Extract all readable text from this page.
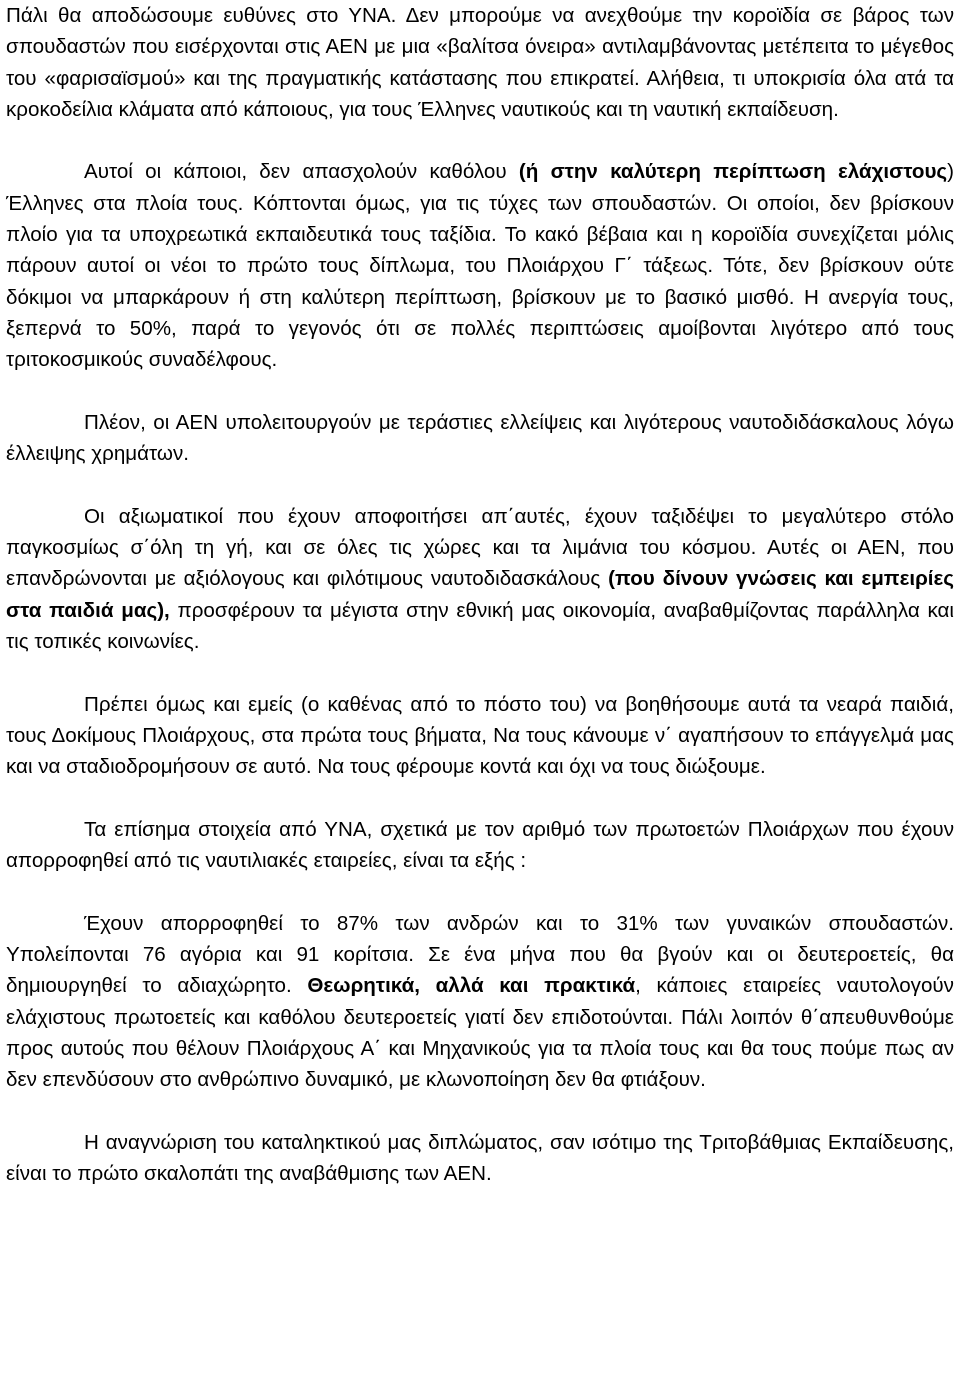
Πάλι θα αποδώσουμε ευθύνες στο ΥΝΑ. Δεν μπορούμε να ανεχθούμε την κοροϊδία σε βάρος των σπουδαστών που εισέρχονται στις ΑΕΝ με μια «βαλίτσα όνειρα» αντιλαμβάνοντας μετέπειτα το μέγεθος του «φαρισαϊσμού» και της πραγματικής κατάστασης που επικρατεί. Αλήθεια, τι υποκρισία όλα ατά τα κροκοδείλια κλάματα από κάποιους, για τους Έλληνες ναυτικούς και τη ναυτική εκπαίδευση.

Αυτοί οι κάποιοι, δεν απασχολούν καθόλου (ή στην καλύτερη περίπτωση ελάχιστους) Έλληνες στα πλοία τους. Κόπτονται όμως, για τις τύχες των σπουδαστών. Οι οποίοι, δεν βρίσκουν πλοίο για τα υποχρεωτικά εκπαιδευτικά τους ταξίδια. Το κακό βέβαια και η κοροϊδία συνεχίζεται μόλις πάρουν αυτοί οι νέοι το πρώτο τους δίπλωμα, του Πλοιάρχου Γ΄ τάξεως. Τότε, δεν βρίσκουν ούτε δόκιμοι να μπαρκάρουν ή στη καλύτερη περίπτωση, βρίσκουν με το βασικό μισθό. Η ανεργία τους, ξεπερνά το 50%, παρά το γεγονός ότι σε πολλές περιπτώσεις αμοίβονται λιγότερο από τους τριτοκοσμικούς συναδέλφους.

Πλέον, οι ΑΕΝ υπολειτουργούν με τεράστιες ελλείψεις και λιγότερους ναυτοδιδάσκαλους λόγω έλλειψης χρημάτων.

Οι αξιωματικοί που έχουν αποφοιτήσει απ΄αυτές, έχουν ταξιδέψει το μεγαλύτερο στόλο παγκοσμίως σ΄όλη τη γή, και σε όλες τις χώρες και τα λιμάνια του κόσμου. Αυτές οι ΑΕΝ, που επανδρώνονται με αξιόλογους και φιλότιμους ναυτοδιδασκάλους (που δίνουν γνώσεις και εμπειρίες στα παιδιά μας), προσφέρουν τα μέγιστα στην εθνική μας οικονομία, αναβαθμίζοντας παράλληλα και τις τοπικές κοινωνίες.

Πρέπει όμως και εμείς (ο καθένας από το πόστο του) να βοηθήσουμε αυτά τα νεαρά παιδιά, τους Δοκίμους Πλοιάρχους, στα πρώτα τους βήματα, Να τους κάνουμε ν΄ αγαπήσουν το επάγγελμά μας και να σταδιοδρομήσουν σε αυτό. Να τους φέρουμε κοντά και όχι να τους διώξουμε.

Τα επίσημα στοιχεία από ΥΝΑ, σχετικά με τον αριθμό των πρωτοετών Πλοιάρχων που έχουν απορροφηθεί από τις ναυτιλιακές εταιρείες, είναι τα εξής :

Έχουν απορροφηθεί το 87% των ανδρών και το 31% των γυναικών σπουδαστών. Υπολείπονται 76 αγόρια και 91 κορίτσια. Σε ένα μήνα που θα βγούν και οι δευτεροετείς, θα δημιουργηθεί το αδιαχώρητο. Θεωρητικά, αλλά και πρακτικά, κάποιες εταιρείες ναυτολογούν ελάχιστους πρωτοετείς και καθόλου δευτεροετείς γιατί δεν επιδοτούνται. Πάλι λοιπόν θ΄απευθυνθούμε προς αυτούς που θέλουν Πλοιάρχους Α΄ και Μηχανικούς για τα πλοία τους και θα τους πούμε πως αν δεν επενδύσουν στο ανθρώπινο δυναμικό, με κλωνοποίηση δεν θα φτιάξουν.

Η αναγνώριση του καταληκτικού μας διπλώματος, σαν ισότιμο της Τριτοβάθμιας Εκπαίδευσης, είναι το πρώτο σκαλοπάτι της αναβάθμισης των ΑΕΝ.
